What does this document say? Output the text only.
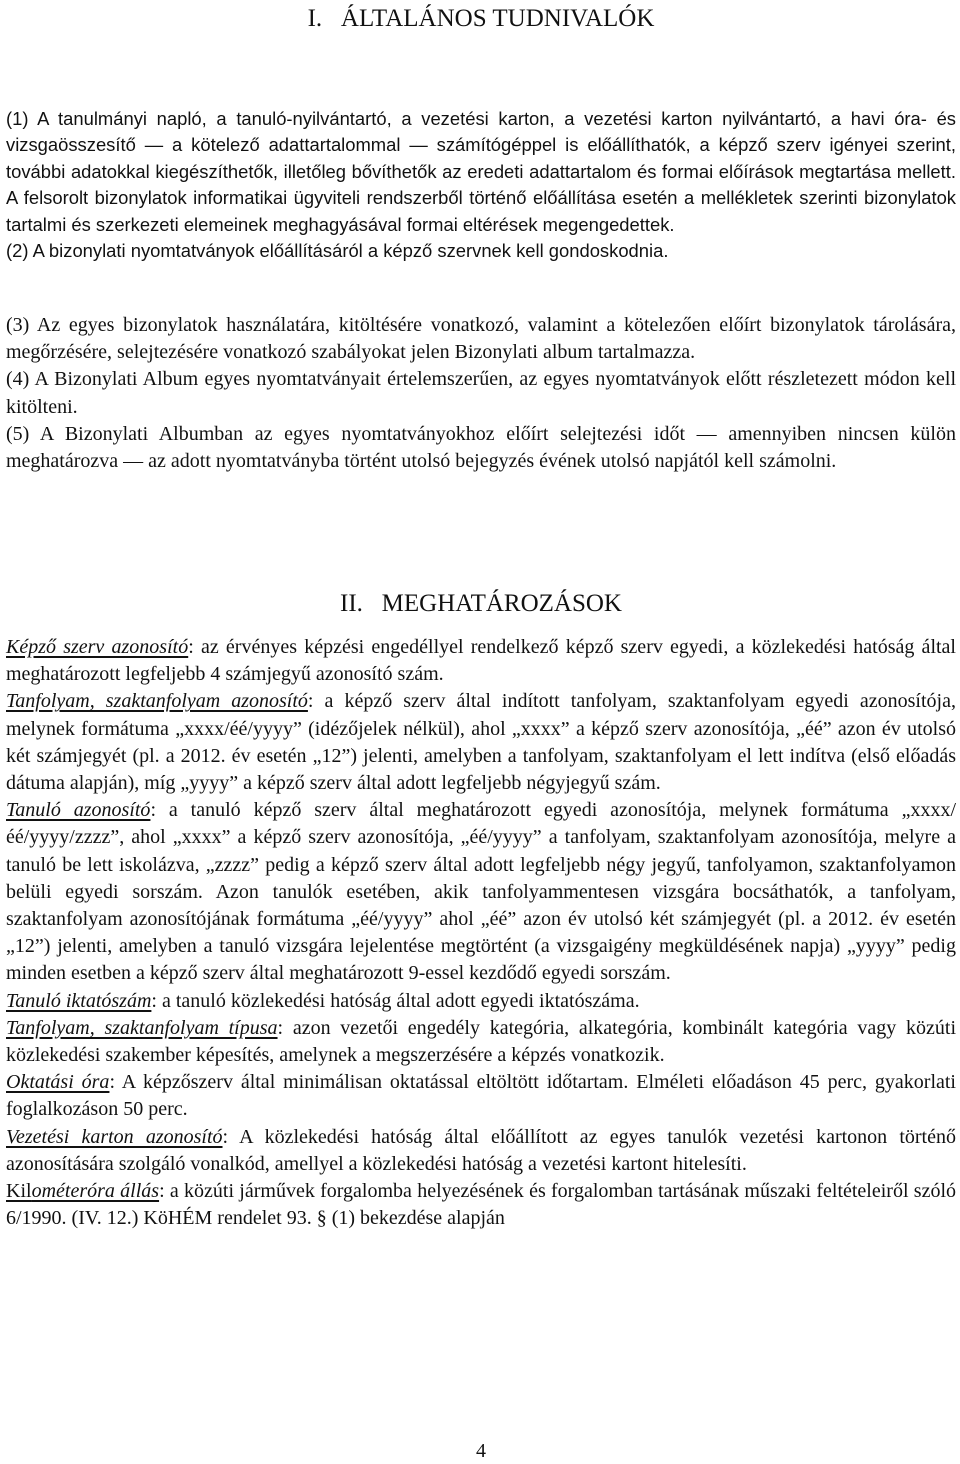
I.   ÁLTALÁNOS TUDNIVALÓK

(1) A tanulmányi napló, a tanuló-nyilvántartó, a vezetési karton, a vezetési karton nyilvántartó, a havi óra- és vizsgaösszesítő ― a kötelező adattartalommal ― számítógéppel is előállíthatók, a képző szerv igényei szerint, további adatokkal kiegészíthetők, illetőleg bővíthetők az eredeti adattartalom és formai előírások megtartása mellett. A felsorolt bizonylatok informatikai ügyviteli rendszerből történő előállítása esetén a mellékletek szerinti bizonylatok tartalmi és szerkezeti elemeinek meghagyásával formai eltérések megengedettek.

(2) A bizonylati nyomtatványok előállításáról a képző szervnek kell gondoskodnia.

(3) Az egyes bizonylatok használatára, kitöltésére vonatkozó, valamint a kötelezően előírt bizonylatok tárolására, megőrzésére, selejtezésére vonatkozó szabályokat jelen Bizonylati album tartalmazza.

(4) A Bizonylati Album egyes nyomtatványait értelemszerűen, az egyes nyomtatványok előtt részletezett módon kell kitölteni.

(5) A Bizonylati Albumban az egyes nyomtatványokhoz előírt selejtezési időt ― amennyiben nincsen külön meghatározva ― az adott nyomtatványba történt utolsó bejegyzés évének utolsó napjától kell számolni.

II.   MEGHATÁROZÁSOK

Képző szerv azonosító: az érvényes képzési engedéllyel rendelkező képző szerv egyedi, a közlekedési hatóság által meghatározott legfeljebb 4 számjegyű azonosító szám.

Tanfolyam, szaktanfolyam azonosító: a képző szerv által indított tanfolyam, szaktanfolyam egyedi azonosítója, melynek formátuma „xxxx/éé/yyyy” (idézőjelek nélkül), ahol „xxxx” a képző szerv azonosítója, „éé” azon év utolsó két számjegyét (pl. a 2012. év esetén „12”) jelenti, amelyben a tanfolyam, szaktanfolyam el lett indítva (első előadás dátuma alapján), míg „yyyy” a képző szerv által adott legfeljebb négyjegyű szám.

Tanuló azonosító: a tanuló képző szerv által meghatározott egyedi azonosítója, melynek formátuma „xxxx/éé/yyyy/zzzz”, ahol „xxxx” a képző szerv azonosítója, „éé/yyyy” a tanfolyam, szaktanfolyam azonosítója, melyre a tanuló be lett iskolázva, „zzzz” pedig a képző szerv által adott legfeljebb négy jegyű, tanfolyamon, szaktanfolyamon belüli egyedi sorszám. Azon tanulók esetében, akik tanfolyammentesen vizsgára bocsáthatók, a tanfolyam, szaktanfolyam azonosítójának formátuma „éé/yyyy” ahol „éé” azon év utolsó két számjegyét (pl. a 2012. év esetén „12”) jelenti, amelyben a tanuló vizsgára lejelentése megtörtént (a vizsgaigény megküldésének napja) „yyyy” pedig minden esetben a képző szerv által meghatározott 9-essel kezdődő egyedi sorszám.

Tanuló iktatószám: a tanuló közlekedési hatóság által adott egyedi iktatószáma.

Tanfolyam, szaktanfolyam típusa: azon vezetői engedély kategória, alkategória, kombinált kategória vagy közúti közlekedési szakember képesítés, amelynek a megszerzésére a képzés vonatkozik.

Oktatási óra: A képzőszerv által minimálisan oktatással eltöltött időtartam. Elméleti előadáson 45 perc, gyakorlati foglalkozáson 50 perc.

Vezetési karton azonosító: A közlekedési hatóság által előállított az egyes tanulók vezetési kartonon történő azonosítására szolgáló vonalkód, amellyel a közlekedési hatóság a vezetési kartont hitelesíti.

Kilométeróra állás: a közúti járművek forgalomba helyezésének és forgalomban tartásának műszaki feltételeiről szóló 6/1990. (IV. 12.) KöHÉM rendelet 93. § (1) bekezdése alapján

4
